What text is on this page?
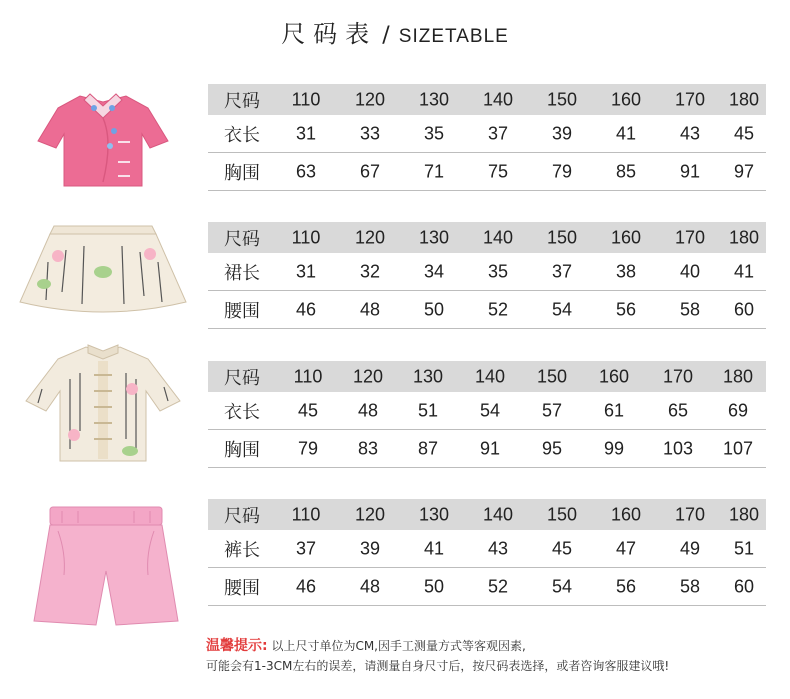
尺码表 / SIZETABLE
尺码	110 120 130 140 150 160 170 180
衣长	31 33 35 37 39 41 43 45
胸围	63 67 71 75 79 85 91 97
尺码	110 120 130 140 150 160 170 180
裙长	31 32 34 35 37 38 40 41
腰围	46 48 50 52 54 56 58 60
尺码	110 120 130 140 150 160 170 180
衣长	45 48 51 54 57 61 65 69
胸围	79 83 87 91 95 99 103 107
尺码	110 120 130 140 150 160 170 180
裤长	37 39 41 43 45 47 49 51
腰围	46 48 50 52 54 56 58 60
温馨提示: 以上尺寸单位为CM,因手工测量方式等客观因素,
可能会有1-3CM左右的误差，请测量自身尺寸后，按尺码表选择，或者咨询客服建议哦!
